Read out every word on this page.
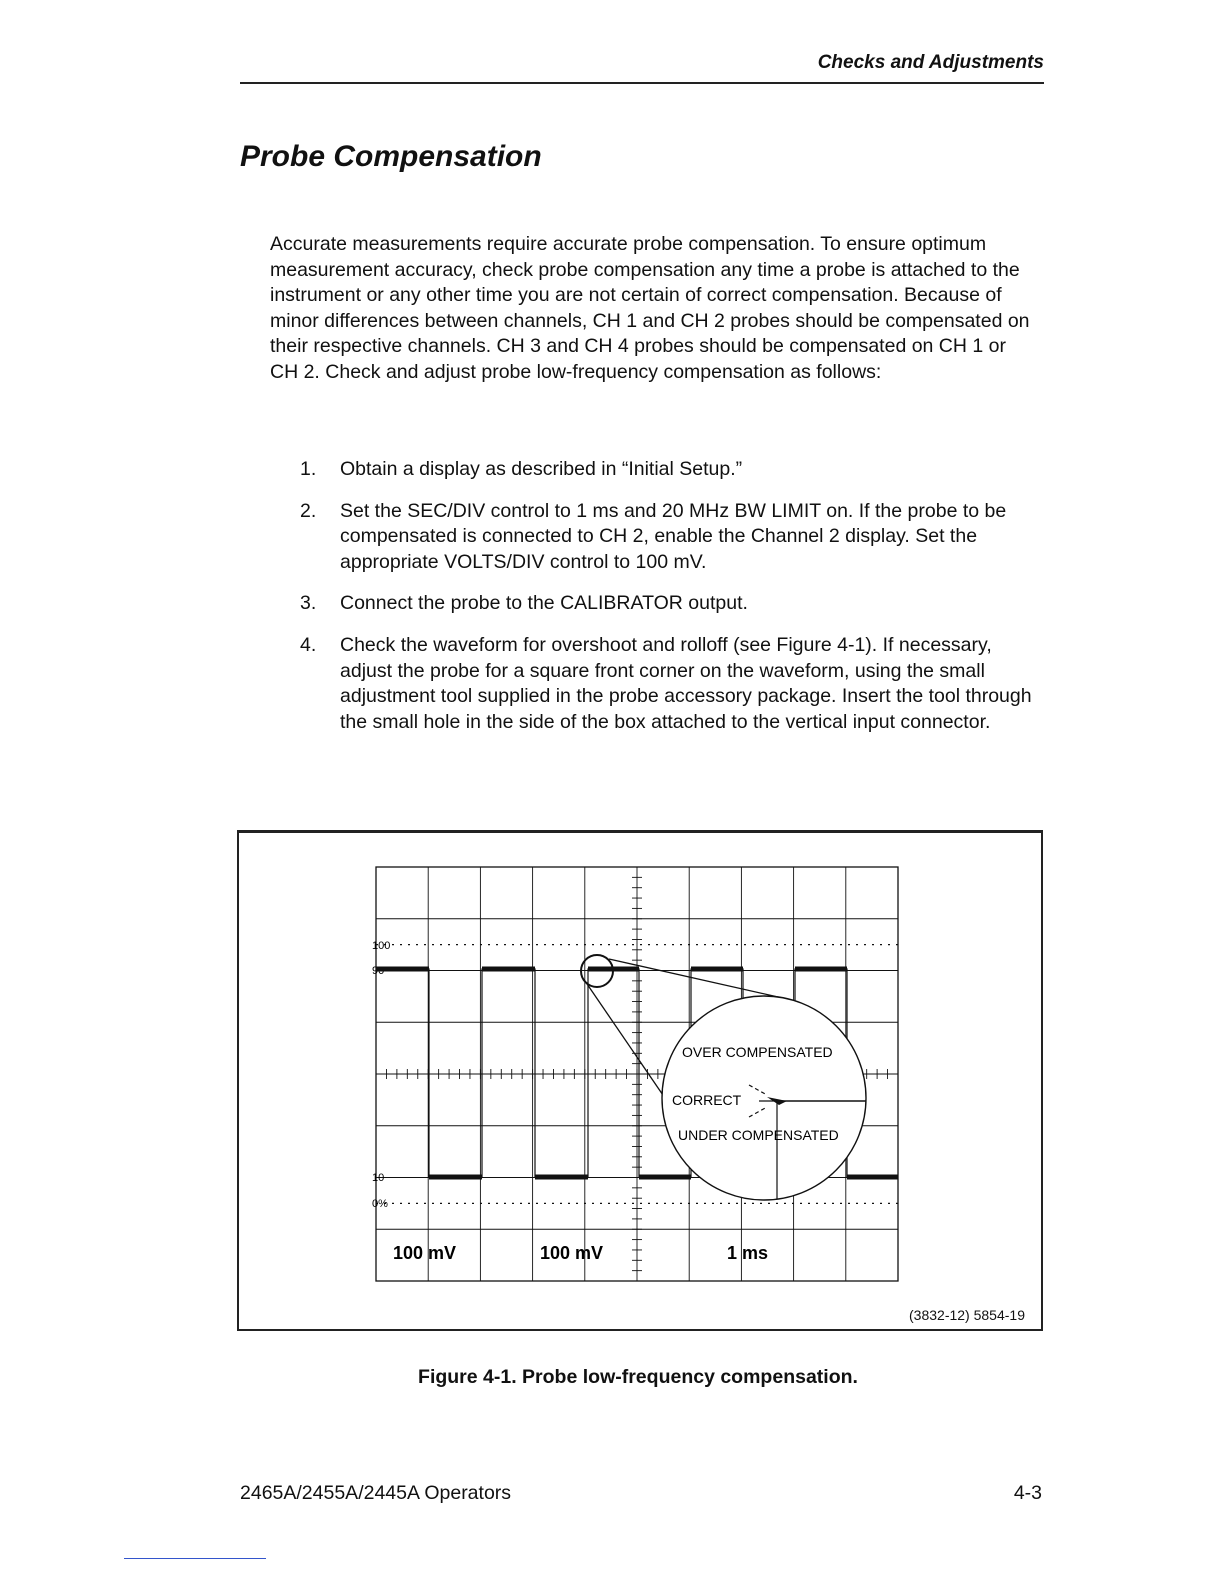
Checks and Adjustments
Probe Compensation

Accurate measurements require accurate probe compensation. To ensure optimum measurement accuracy, check probe compensation any time a probe is attached to the instrument or any other time you are not certain of correct compensation. Because of minor differences between channels, CH 1 and CH 2 probes should be compensated on their respective channels. CH 3 and CH 4 probes should be compensated on CH 1 or CH 2. Check and adjust probe low-frequency compensation as follows:

1. Obtain a display as described in “Initial Setup.”
2. Set the SEC/DIV control to 1 ms and 20 MHz BW LIMIT on. If the probe to be compensated is connected to CH 2, enable the Channel 2 display. Set the appropriate VOLTS/DIV control to 100 mV.
3. Connect the probe to the CALIBRATOR output.
4. Check the waveform for overshoot and rolloff (see Figure 4-1). If necessary, adjust the probe for a square front corner on the waveform, using the small adjustment tool supplied in the probe accessory package. Insert the tool through the small hole in the side of the box attached to the vertical input connector.
100
90
10
0%
OVER COMPENSATED
CORRECT
UNDER COMPENSATED
100 mV	100 mV	1 ms
(3832-12) 5854-19

Figure 4-1. Probe low-frequency compensation.

2465A/2455A/2445A Operators	4-3
